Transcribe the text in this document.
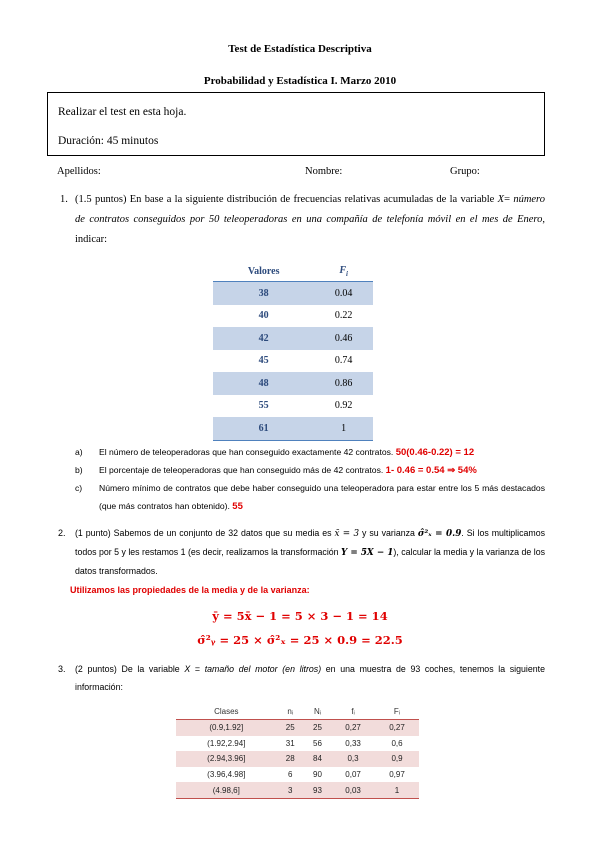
Test de Estadística Descriptiva
Probabilidad y Estadística I. Marzo 2010
Realizar el test en esta hoja.
Duración: 45 minutos
Apellidos:	Nombre:	Grupo:
1. (1.5 puntos) En base a la siguiente distribución de frecuencias relativas acumuladas de la variable X= número de contratos conseguidos por 50 teleoperadoras en una compañía de telefonía móvil en el mes de Enero, indicar:
Valores	$F_i$
38	0.04
40	0.22
42	0.46
45	0.74
48	0.86
55	0.92
61	1
a) El número de teleoperadoras que han conseguido exactamente 42 contratos. 50(0.46-0.22) = 12
b) El porcentaje de teleoperadoras que han conseguido más de 42 contratos. 1- 0.46 = 0.54 ⇒ 54%
c) Número mínimo de contratos que debe haber conseguido una teleoperadora para estar entre los 5 más destacados (que más contratos han obtenido). 55
2. (1 punto) Sabemos de un conjunto de 32 datos que su media es x̄ = 3 y su varianza σ̂²ₓ = 0.9. Si los multiplicamos todos por 5 y les restamos 1 (es decir, realizamos la transformación Y = 5X − 1), calcular la media y la varianza de los datos transformados.
Utilizamos las propiedades de la media y de la varianza:
ȳ = 5x̄ − 1 = 5 × 3 − 1 = 14
σ̂²ᵧ = 25 × σ̂²ₓ = 25 × 0.9 = 22.5
3. (2 puntos) De la variable X = tamaño del motor (en litros) en una muestra de 93 coches, tenemos la siguiente información:
Clases	nᵢ	Nᵢ	fᵢ	Fᵢ
(0.9,1.92]	25	25	0,27	0,27
(1.92,2.94]	31	56	0,33	0,6
(2.94,3.96]	28	84	0,3	0,9
(3.96,4.98]	6	90	0,07	0,97
(4.98,6]	3	93	0,03	1
